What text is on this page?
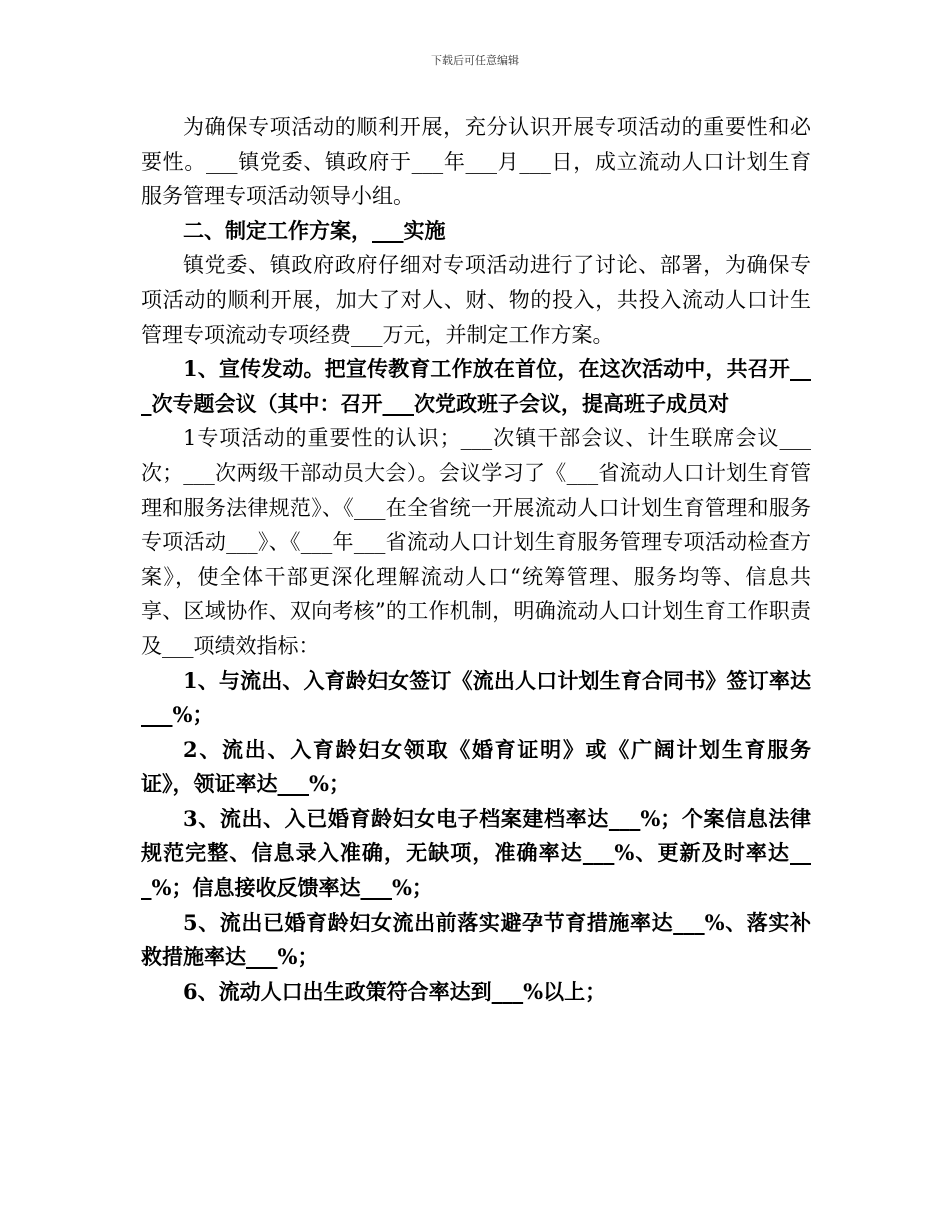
下载后可任意编辑

为确保专项活动的顺利开展，充分认识开展专项活动的重要性和必要性。___镇党委、镇政府于___年___月___日，成立流动人口计划生育服务管理专项活动领导小组。

二、制定工作方案，___实施

镇党委、镇政府政府仔细对专项活动进行了讨论、部署，为确保专项活动的顺利开展，加大了对人、财、物的投入，共投入流动人口计生管理专项流动专项经费___万元，并制定工作方案。

1、宣传发动。把宣传教育工作放在首位，在这次活动中，共召开___次专题会议（其中：召开___次党政班子会议，提高班子成员对

1专项活动的重要性的认识；___次镇干部会议、计生联席会议___次；___次两级干部动员大会）。会议学习了《___省流动人口计划生育管理和服务法律规范》、《___在全省统一开展流动人口计划生育管理和服务专项活动___》、《___年___省流动人口计划生育服务管理专项活动检查方案》，使全体干部更深化理解流动人口“统筹管理、服务均等、信息共享、区域协作、双向考核”的工作机制，明确流动人口计划生育工作职责及___项绩效指标：

1、与流出、入育龄妇女签订《流出人口计划生育合同书》签订率达___%；

2、流出、入育龄妇女领取《婚育证明》或《广阔计划生育服务证》，领证率达___%；

3、流出、入已婚育龄妇女电子档案建档率达___%；个案信息法律规范完整、信息录入准确，无缺项，准确率达___%、更新及时率达___%；信息接收反馈率达___%；

5、流出已婚育龄妇女流出前落实避孕节育措施率达___%、落实补救措施率达___%；

6、流动人口出生政策符合率达到___%以上；
